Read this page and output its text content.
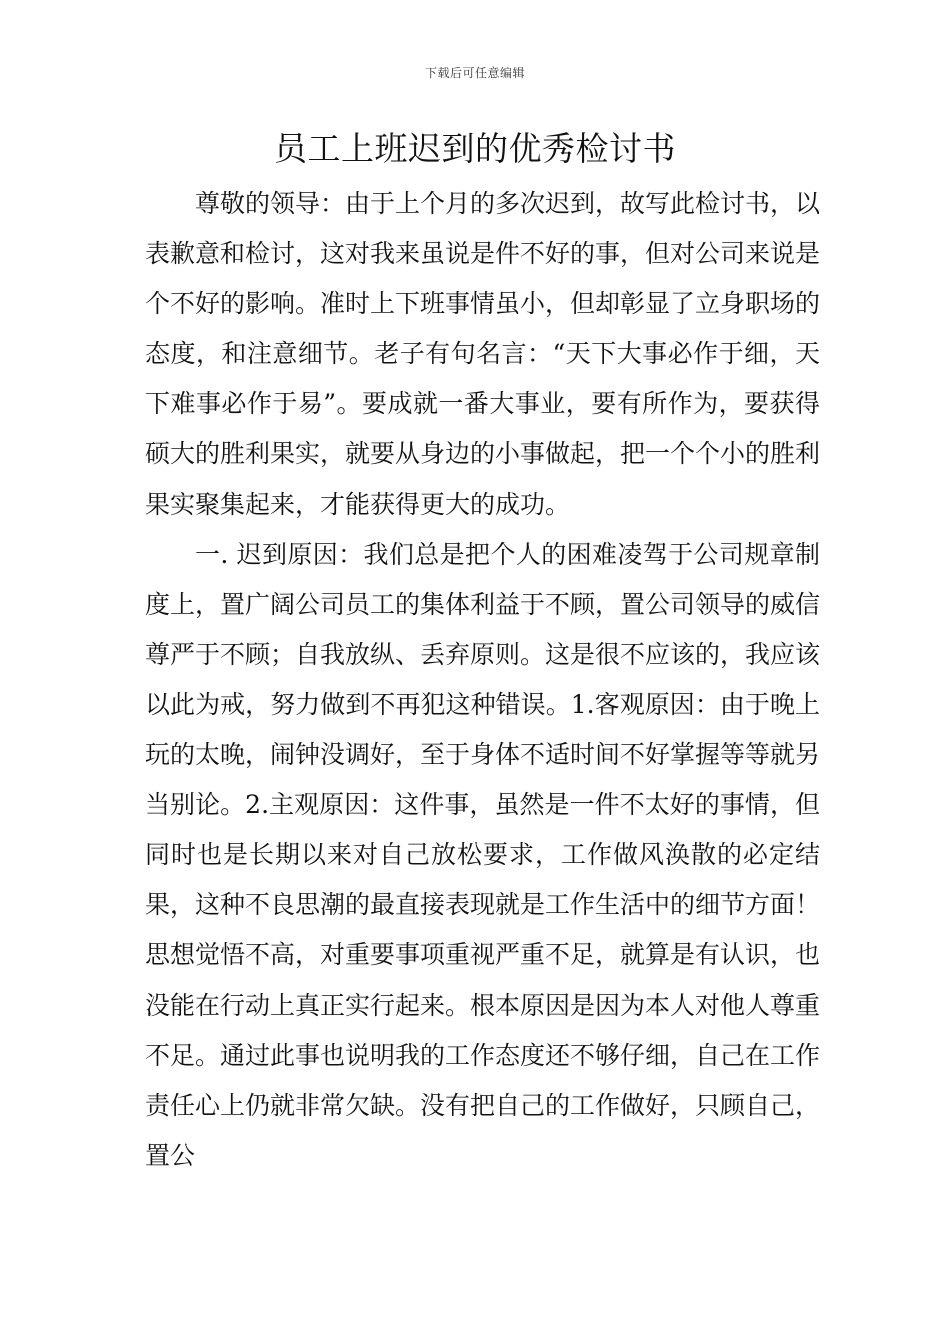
下载后可任意编辑
员工上班迟到的优秀检讨书

尊敬的领导：由于上个月的多次迟到，故写此检讨书，以表歉意和检讨，这对我来虽说是件不好的事，但对公司来说是个不好的影响。准时上下班事情虽小，但却彰显了立身职场的态度，和注意细节。老子有句名言：“天下大事必作于细，天下难事必作于易”。要成就一番大事业，要有所作为，要获得硕大的胜利果实，就要从身边的小事做起，把一个个小的胜利果实聚集起来，才能获得更大的成功。

一. 迟到原因：我们总是把个人的困难凌驾于公司规章制度上，置广阔公司员工的集体利益于不顾，置公司领导的威信尊严于不顾；自我放纵、丢弃原则。这是很不应该的，我应该以此为戒，努力做到不再犯这种错误。1.客观原因：由于晚上玩的太晚，闹钟没调好，至于身体不适时间不好掌握等等就另当别论。2.主观原因：这件事，虽然是一件不太好的事情，但同时也是长期以来对自己放松要求，工作做风涣散的必定结果，这种不良思潮的最直接表现就是工作生活中的细节方面！思想觉悟不高，对重要事项重视严重不足，就算是有认识，也没能在行动上真正实行起来。根本原因是因为本人对他人尊重不足。通过此事也说明我的工作态度还不够仔细，自己在工作责任心上仍就非常欠缺。没有把自己的工作做好，只顾自己，置公
